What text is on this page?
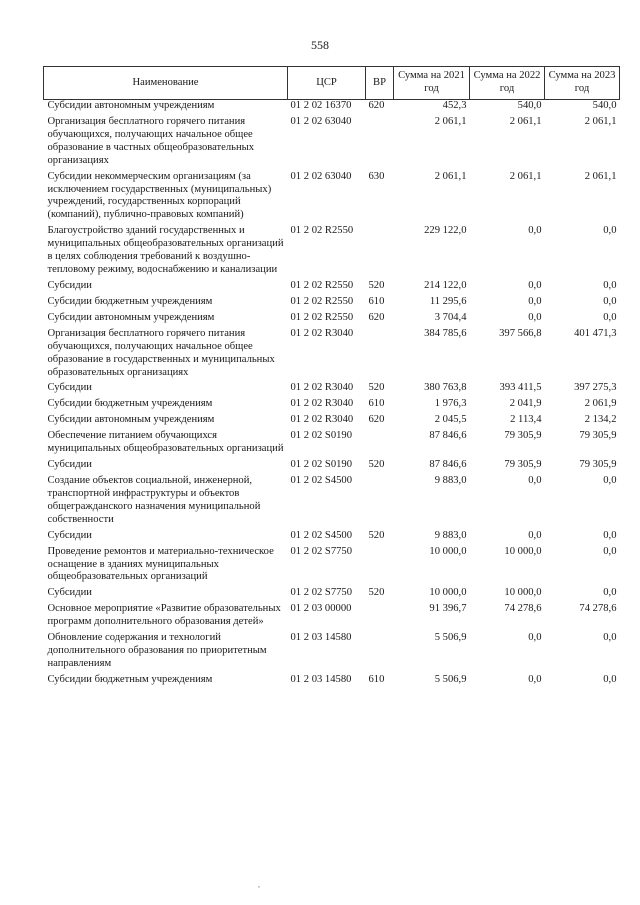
558
Наименование	ЦСР	ВР	Сумма на 2021 год	Сумма на 2022 год	Сумма на 2023 год
Субсидии автономным учреждениям	01 2 02 16370	620	452,3	540,0	540,0
Организация бесплатного горячего питания обучающихся, получающих начальное общее образование в частных общеобразовательных организациях	01 2 02 63040		2 061,1	2 061,1	2 061,1
Субсидии некоммерческим организациям (за исключением государственных (муниципальных) учреждений, государственных корпораций (компаний), публично-правовых компаний)	01 2 02 63040	630	2 061,1	2 061,1	2 061,1
Благоустройство зданий государственных и муниципальных общеобразовательных организаций в целях соблюдения требований к воздушно-тепловому режиму, водоснабжению и канализации	01 2 02 R2550		229 122,0	0,0	0,0
Субсидии	01 2 02 R2550	520	214 122,0	0,0	0,0
Субсидии бюджетным учреждениям	01 2 02 R2550	610	11 295,6	0,0	0,0
Субсидии автономным учреждениям	01 2 02 R2550	620	3 704,4	0,0	0,0
Организация бесплатного горячего питания обучающихся, получающих начальное общее образование в государственных и муниципальных образовательных организациях	01 2 02 R3040		384 785,6	397 566,8	401 471,3
Субсидии	01 2 02 R3040	520	380 763,8	393 411,5	397 275,3
Субсидии бюджетным учреждениям	01 2 02 R3040	610	1 976,3	2 041,9	2 061,9
Субсидии автономным учреждениям	01 2 02 R3040	620	2 045,5	2 113,4	2 134,2
Обеспечение питанием обучающихся муниципальных общеобразовательных организаций	01 2 02 S0190		87 846,6	79 305,9	79 305,9
Субсидии	01 2 02 S0190	520	87 846,6	79 305,9	79 305,9
Создание объектов социальной, инженерной, транспортной инфраструктуры и объектов общегражданского назначения муниципальной собственности	01 2 02 S4500		9 883,0	0,0	0,0
Субсидии	01 2 02 S4500	520	9 883,0	0,0	0,0
Проведение ремонтов и материально-техническое оснащение в зданиях муниципальных общеобразовательных организаций	01 2 02 S7750		10 000,0	10 000,0	0,0
Субсидии	01 2 02 S7750	520	10 000,0	10 000,0	0,0
Основное мероприятие «Развитие образовательных программ дополнительного образования детей»	01 2 03 00000		91 396,7	74 278,6	74 278,6
Обновление содержания и технологий дополнительного образования по приоритетным направлениям	01 2 03 14580		5 506,9	0,0	0,0
Субсидии бюджетным учреждениям	01 2 03 14580	610	5 506,9	0,0	0,0
,
